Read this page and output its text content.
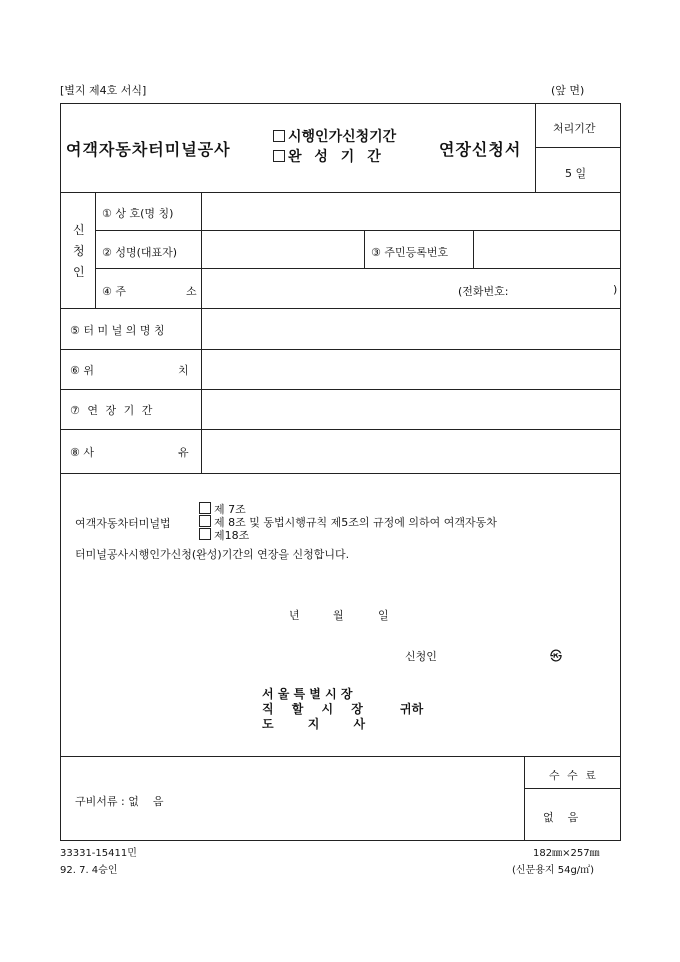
[별지 제4호 서식]	(앞 면)
여객자동차터미널공사
시행인가신청기간
완 성 기 간	연장신청서
처리기간
5 일
신
청
인
① 상 호(명 칭)
② 성명(대표자)	③ 주민등록번호
④ 주	소	(전화번호:	)
⑤ 터 미 널 의 명 칭
⑥ 위	치
⑦ 연 장 기 간
⑧ 사	유
여객자동차터미널법
제 7조
제 8조 및 동법시행규칙 제5조의 규정에 의하여 여객자동차
제18조
터미널공사시행인가신청(완성)기간의 연장을 신청합니다.
년	월	일
신청인	㉿
서 울 특 별 시 장
직 할 시 장
도 지 사
귀하
구비서류 : 없    음
수 수 료
없    음
33331-15411민
92. 7. 4승인
182㎜×257㎜
(신문용지 54g/㎡)
